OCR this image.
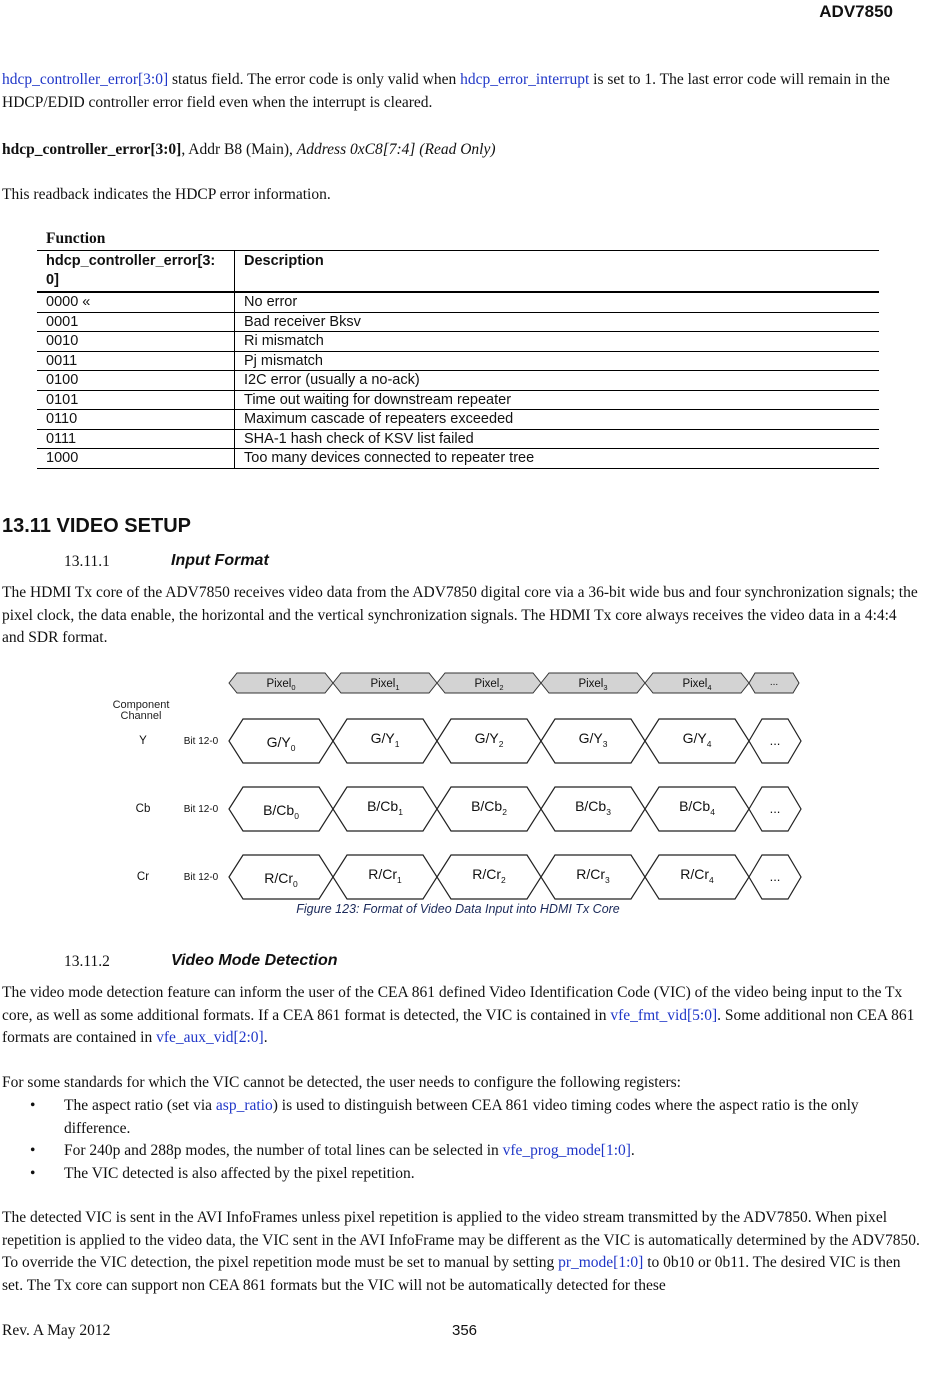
ADV7850
hdcp_controller_error[3:0] status field. The error code is only valid when hdcp_error_interrupt is set to 1. The last error code will remain in the HDCP/EDID controller error field even when the interrupt is cleared.
hdcp_controller_error[3:0], Addr B8 (Main), Address 0xC8[7:4] (Read Only)
This readback indicates the HDCP error information.
Function	
hdcp_controller_error[3:0]	Description
0000 «	No error
0001	Bad receiver Bksv
0010	Ri mismatch
0011	Pj mismatch
0100	I2C error (usually a no-ack)
0101	Time out waiting for downstream repeater
0110	Maximum cascade of repeaters exceeded
0111	SHA-1 hash check of KSV list failed
1000	Too many devices connected to repeater tree
13.11 VIDEO SETUP
13.11.1	Input Format
The HDMI Tx core of the ADV7850 receives video data from the ADV7850 digital core via a 36-bit wide bus and four synchronization signals; the pixel clock, the data enable, the horizontal and the vertical synchronization signals. The HDMI Tx core always receives the video data in a 4:4:4 and SDR format.
Component
Channel
Pixel$_0$	Pixel$_1$	Pixel$_2$	Pixel$_3$	Pixel$_4$	...
Y	Bit 12-0	$G/Y_0$
$G/Y_1$	$G/Y_2$	$G/Y_3$	$G/Y_4$	...
Cb	Bit 12-0	$B/Cb_0$
$B/Cb_1$	$B/Cb_2$	$B/Cb_3$	$B/Cb_4$	...
Cr	Bit 12-0	$R/Cr_0$
$R/Cr_1$	$R/Cr_2$	$R/Cr_3$	$R/Cr_4$	...
Figure 123: Format of Video Data Input into HDMI Tx Core
13.11.2	Video Mode Detection
The video mode detection feature can inform the user of the CEA 861 defined Video Identification Code (VIC) of the video being input to the Tx core, as well as some additional formats. If a CEA 861 format is detected, the VIC is contained in vfe_fmt_vid[5:0]. Some additional non CEA 861 formats are contained in vfe_aux_vid[2:0].
For some standards for which the VIC cannot be detected, the user needs to configure the following registers:
• The aspect ratio (set via asp_ratio) is used to distinguish between CEA 861 video timing codes where the aspect ratio is the only difference.
• For 240p and 288p modes, the number of total lines can be selected in vfe_prog_mode[1:0].
• The VIC detected is also affected by the pixel repetition.
The detected VIC is sent in the AVI InfoFrames unless pixel repetition is applied to the video stream transmitted by the ADV7850. When pixel repetition is applied to the video data, the VIC sent in the AVI InfoFrame may be different as the VIC is automatically determined by the ADV7850. To override the VIC detection, the pixel repetition mode must be set to manual by setting pr_mode[1:0] to 0b10 or 0b11. The desired VIC is then set. The Tx core can support non CEA 861 formats but the VIC will not be automatically detected for these
Rev. A May 2012	356
